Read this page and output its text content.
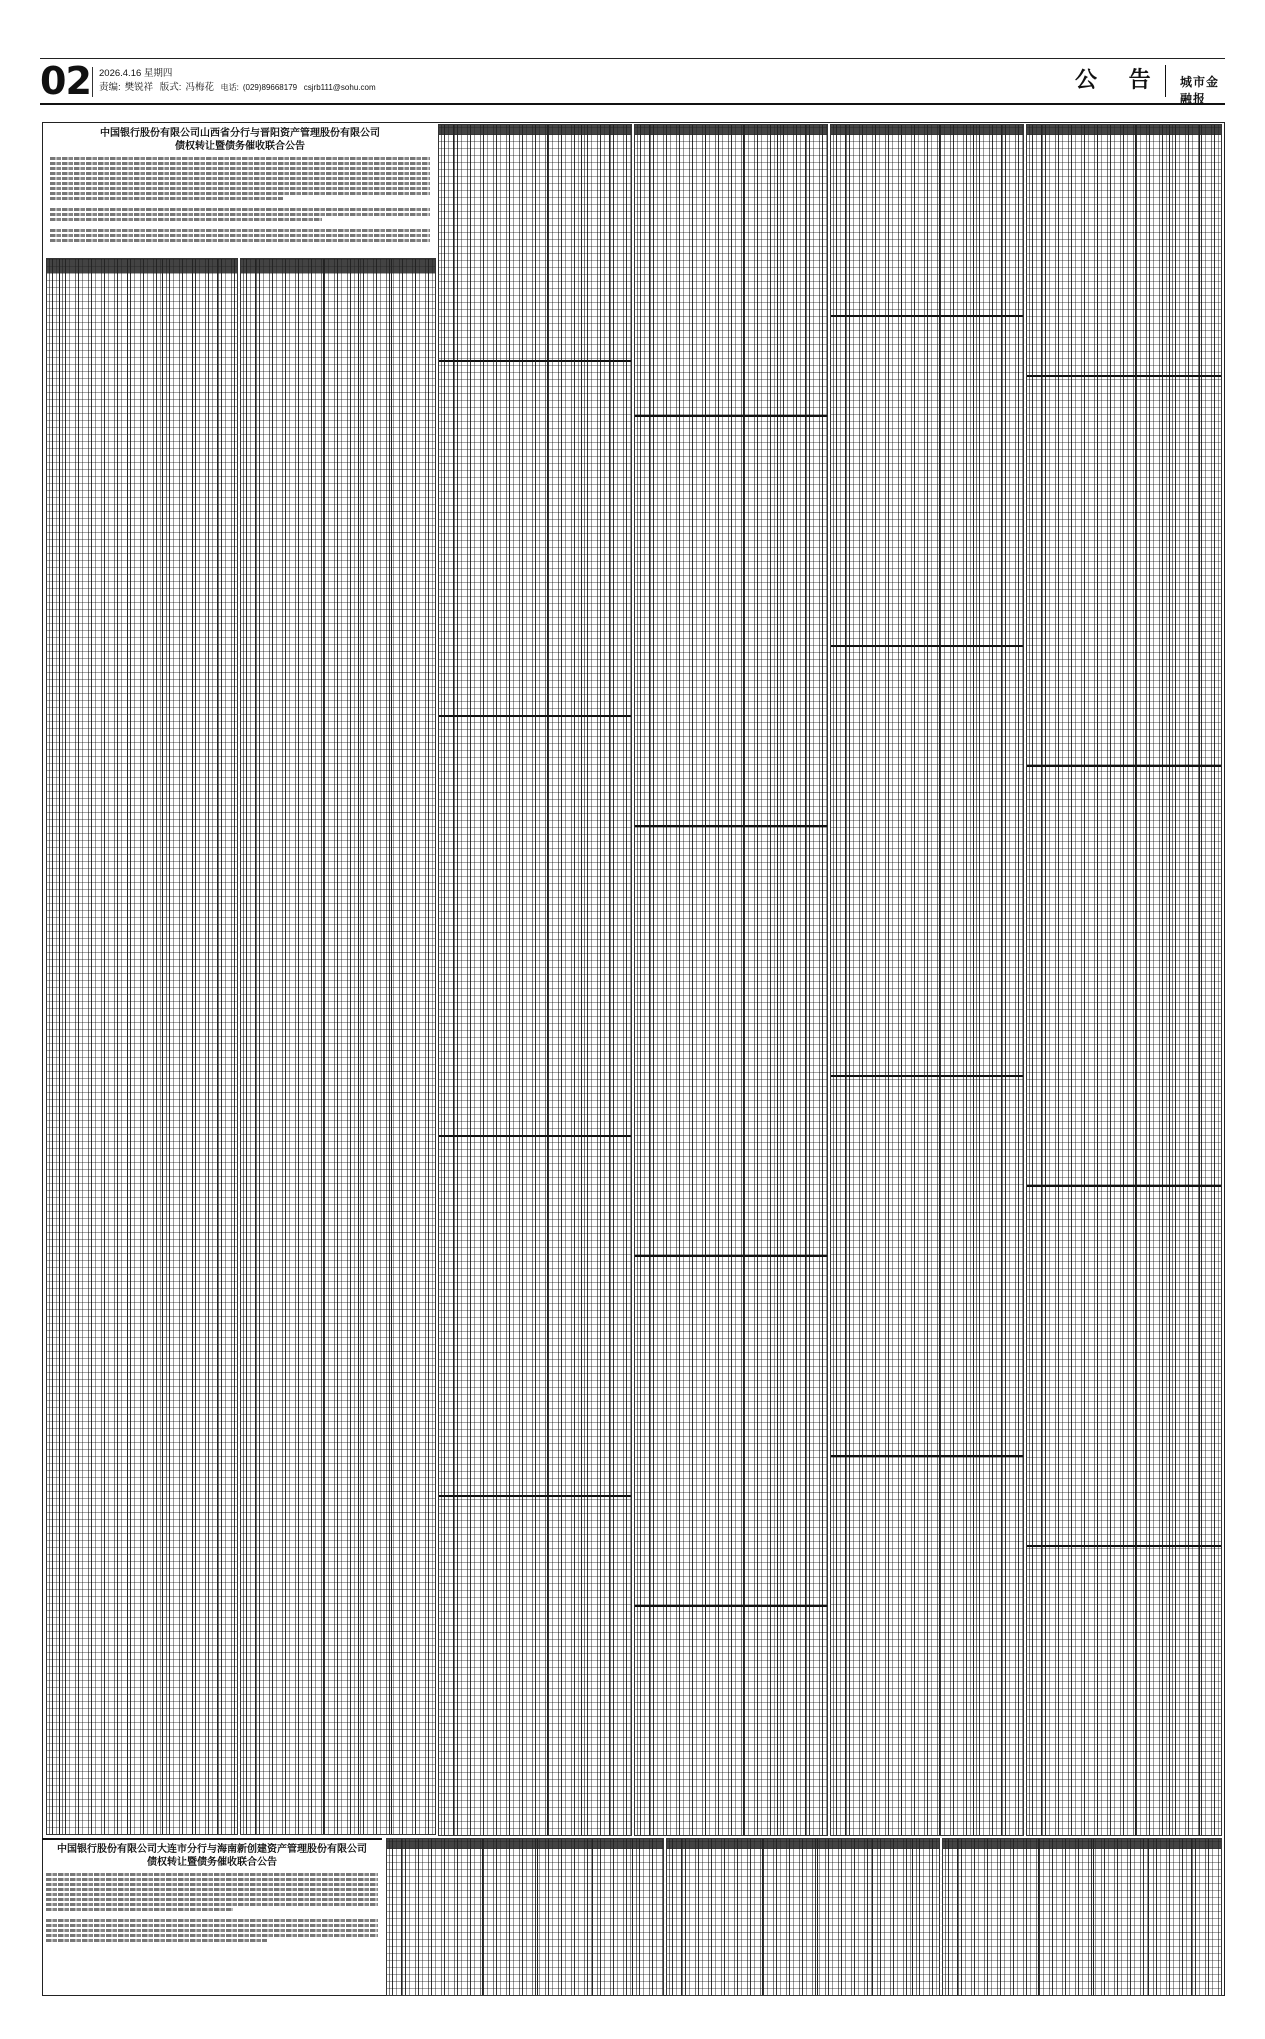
02 2026.4.16 星期四
责编: 樊锐祥 版式: 冯梅花 电话: (029)89668179 csjrb111@sohu.com	公 告 城市金融报
中国银行股份有限公司山西省分行与晋阳资产管理股份有限公司
债权转让暨债务催收联合公告
中国银行股份有限公司大连市分行与海南新创建资产管理股份有限公司
债权转让暨债务催收联合公告
